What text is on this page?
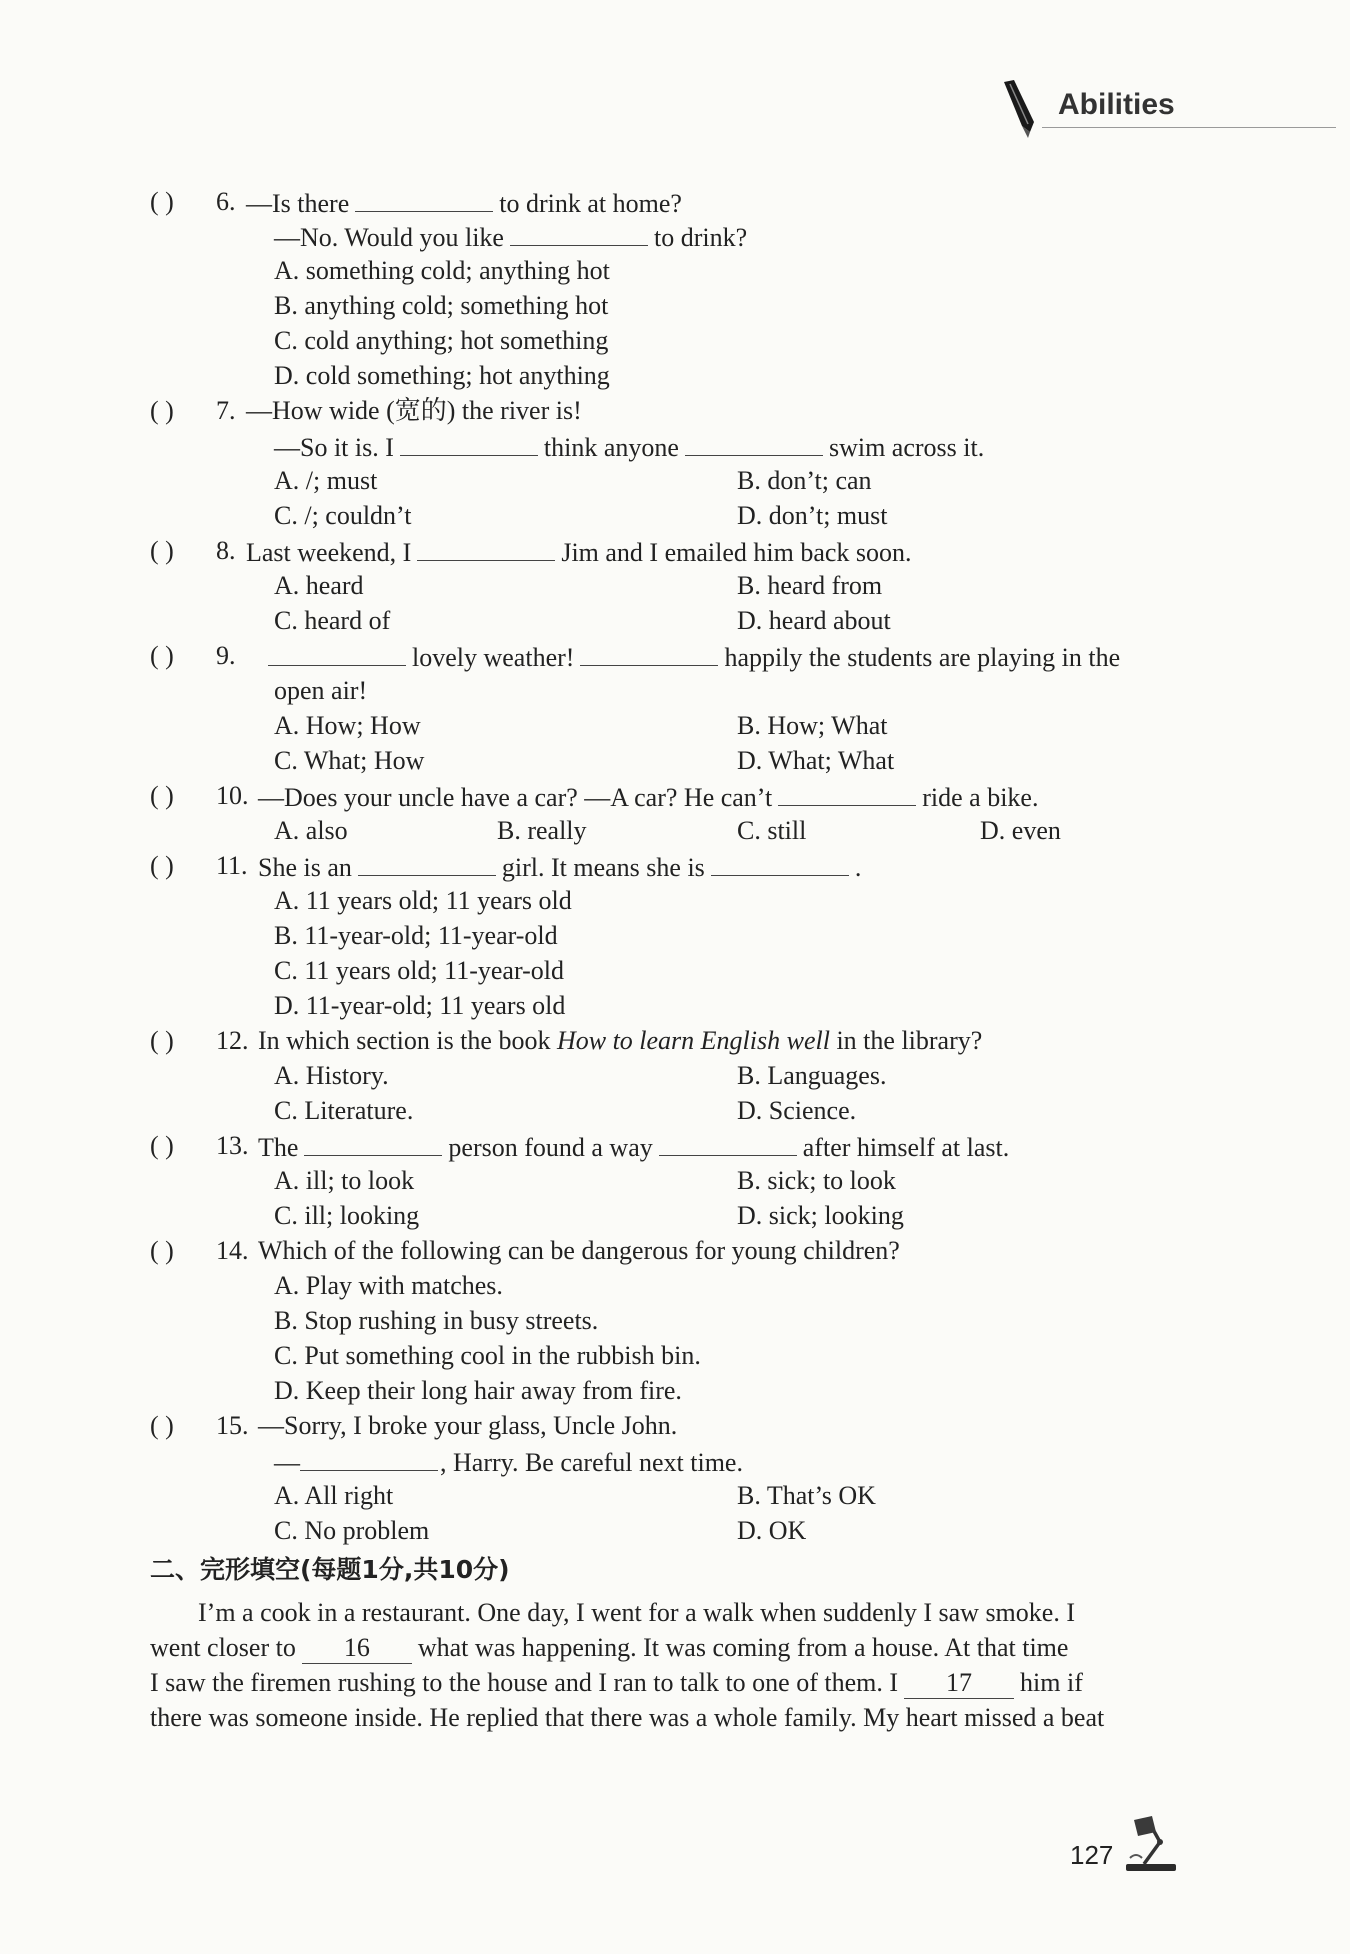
Abilities
( ) 6. —Is there	to drink at home?
—No. Would you like	to drink?
A. something cold; anything hot
B. anything cold; something hot
C. cold anything; hot something
D. cold something; hot anything
( ) 7. —How wide (宽的) the river is!
—So it is. I	think anyone	swim across it.
A. /; must	B. don’t; can
C. /; couldn’t	D. don’t; must
( ) 8. Last weekend, I	Jim and I emailed him back soon.
A. heard	B. heard from
C. heard of	D. heard about
( ) 9.	lovely weather!	happily the students are playing in the
open air!
A. How; How	B. How; What
C. What; How	D. What; What
( ) 10. —Does your uncle have a car? —A car? He can’t	ride a bike.
A. also	B. really	C. still	D. even
( ) 11. She is an	girl. It means she is	.
A. 11 years old; 11 years old
B. 11-year-old; 11-year-old
C. 11 years old; 11-year-old
D. 11-year-old; 11 years old
( ) 12. In which section is the book How to learn English well in the library?
A. History.	B. Languages.
C. Literature.	D. Science.
( ) 13. The	person found a way	after himself at last.
A. ill; to look	B. sick; to look
C. ill; looking	D. sick; looking
( ) 14. Which of the following can be dangerous for young children?
A. Play with matches.
B. Stop rushing in busy streets.
C. Put something cool in the rubbish bin.
D. Keep their long hair away from fire.
( ) 15. —Sorry, I broke your glass, Uncle John.
—	, Harry. Be careful next time.
A. All right	B. That’s OK
C. No problem	D. OK
二、完形填空(每题1分,共10分)
I’m a cook in a restaurant. One day, I went for a walk when suddenly I saw smoke. I
went closer to 16 what was happening. It was coming from a house. At that time
I saw the firemen rushing to the house and I ran to talk to one of them. I 17 him if
there was someone inside. He replied that there was a whole family. My heart missed a beat
127
